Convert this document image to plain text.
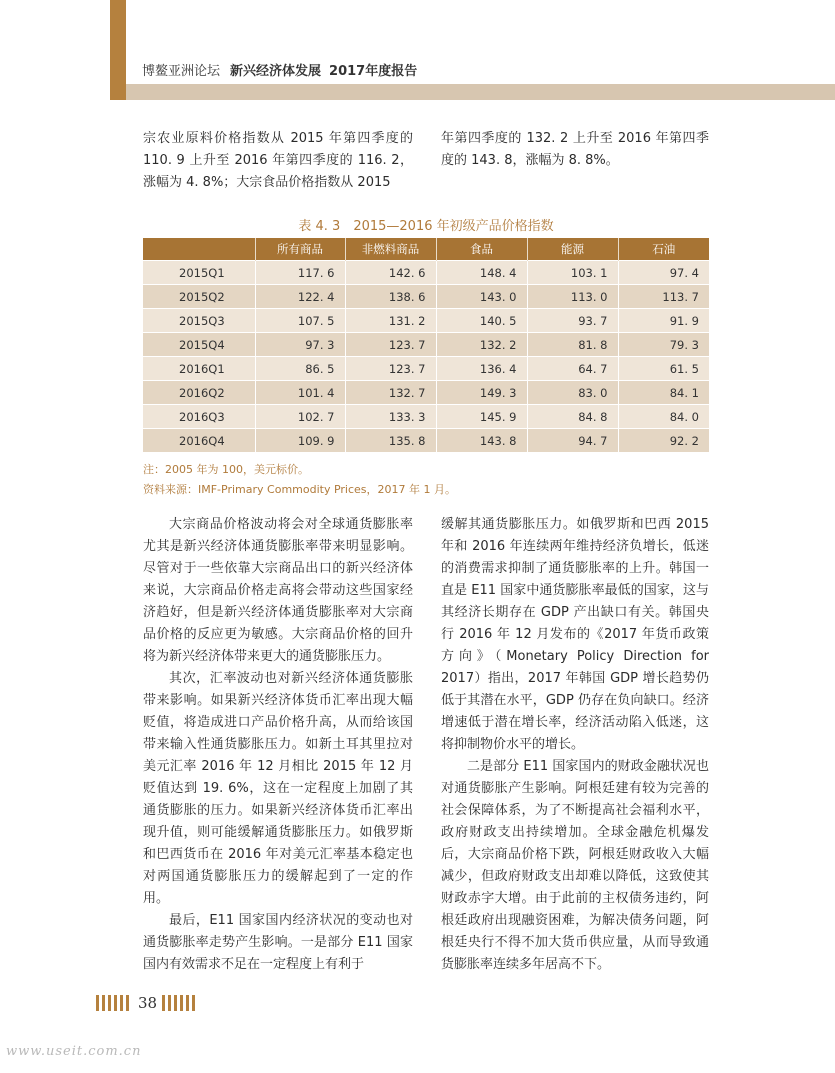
博鳌亚洲论坛 新兴经济体发展 2017年度报告

宗农业原料价格指数从 2015 年第四季度的 110. 9 上升至 2016 年第四季度的 116. 2，涨幅为 4. 8%；大宗食品价格指数从 2015

年第四季度的 132. 2 上升至 2016 年第四季度的 143. 8，涨幅为 8. 8%。

表 4. 3　2015—2016 年初级产品价格指数
	所有商品	非燃料商品	食品	能源	石油
2015Q1	117. 6	142. 6	148. 4	103. 1	97. 4
2015Q2	122. 4	138. 6	143. 0	113. 0	113. 7
2015Q3	107. 5	131. 2	140. 5	93. 7	91. 9
2015Q4	97. 3	123. 7	132. 2	81. 8	79. 3
2016Q1	86. 5	123. 7	136. 4	64. 7	61. 5
2016Q2	101. 4	132. 7	149. 3	83. 0	84. 1
2016Q3	102. 7	133. 3	145. 9	84. 8	84. 0
2016Q4	109. 9	135. 8	143. 8	94. 7	92. 2
注：2005 年为 100，美元标价。
资料来源：IMF-Primary Commodity Prices，2017 年 1 月。

大宗商品价格波动将会对全球通货膨胀率尤其是新兴经济体通货膨胀率带来明显影响。尽管对于一些依靠大宗商品出口的新兴经济体来说，大宗商品价格走高将会带动这些国家经济趋好，但是新兴经济体通货膨胀率对大宗商品价格的反应更为敏感。大宗商品价格的回升将为新兴经济体带来更大的通货膨胀压力。

其次，汇率波动也对新兴经济体通货膨胀带来影响。如果新兴经济体货币汇率出现大幅贬值，将造成进口产品价格升高，从而给该国带来输入性通货膨胀压力。如新土耳其里拉对美元汇率 2016 年 12 月相比 2015 年 12 月贬值达到 19. 6%，这在一定程度上加剧了其通货膨胀的压力。如果新兴经济体货币汇率出现升值，则可能缓解通货膨胀压力。如俄罗斯和巴西货币在 2016 年对美元汇率基本稳定也对两国通货膨胀压力的缓解起到了一定的作用。

最后，E11 国家国内经济状况的变动也对通货膨胀率走势产生影响。一是部分 E11 国家国内有效需求不足在一定程度上有利于

缓解其通货膨胀压力。如俄罗斯和巴西 2015 年和 2016 年连续两年维持经济负增长，低迷的消费需求抑制了通货膨胀率的上升。韩国一直是 E11 国家中通货膨胀率最低的国家，这与其经济长期存在 GDP 产出缺口有关。韩国央行 2016 年 12 月发布的《2017 年货币政策方向》（Monetary Policy Direction for 2017）指出，2017 年韩国 GDP 增长趋势仍低于其潜在水平，GDP 仍存在负向缺口。经济增速低于潜在增长率，经济活动陷入低迷，这将抑制物价水平的增长。

二是部分 E11 国家国内的财政金融状况也对通货膨胀产生影响。阿根廷建有较为完善的社会保障体系，为了不断提高社会福利水平，政府财政支出持续增加。全球金融危机爆发后，大宗商品价格下跌，阿根廷财政收入大幅减少，但政府财政支出却难以降低，这致使其财政赤字大增。由于此前的主权债务违约，阿根廷政府出现融资困难，为解决债务问题，阿根廷央行不得不加大货币供应量，从而导致通货膨胀率连续多年居高不下。

38
www.useit.com.cn
